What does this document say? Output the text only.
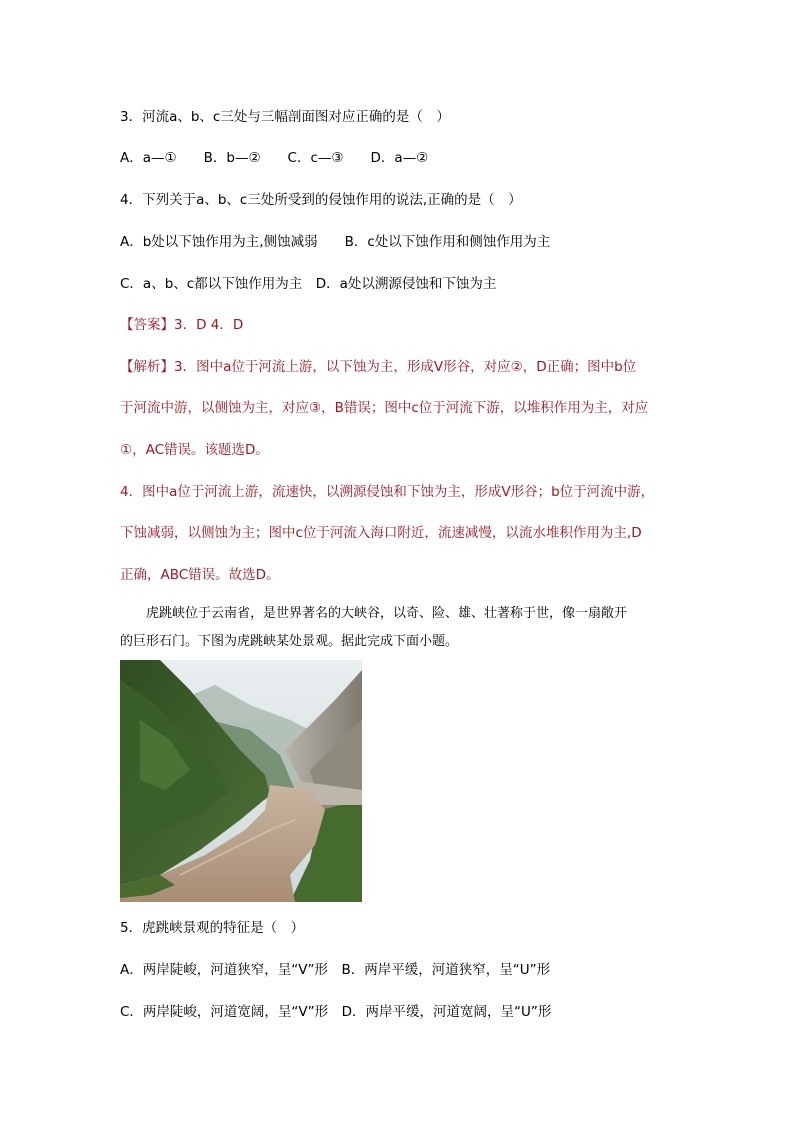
3．河流a、b、c三处与三幅剖面图对应正确的是（　）
A．a—①　　B．b—②　　C．c—③　　D．a—②
4．下列关于a、b、c三处所受到的侵蚀作用的说法,正确的是（　）
A．b处以下蚀作用为主,侧蚀减弱　　B．c处以下蚀作用和侧蚀作用为主
C．a、b、c都以下蚀作用为主　D．a处以溯源侵蚀和下蚀为主
【答案】3．D 4．D
【解析】3．图中a位于河流上游，以下蚀为主，形成V形谷，对应②，D正确；图中b位
于河流中游，以侧蚀为主，对应③，B错误；图中c位于河流下游，以堆积作用为主，对应
①，AC错误。该题选D。
4．图中a位于河流上游，流速快，以溯源侵蚀和下蚀为主，形成V形谷；b位于河流中游，
下蚀减弱，以侧蚀为主；图中c位于河流入海口附近，流速减慢，以流水堆积作用为主,D
正确，ABC错误。故选D。
　　虎跳峡位于云南省，是世界著名的大峡谷，以奇、险、雄、壮著称于世，像一扇敞开
的巨形石门。下图为虎跳峡某处景观。据此完成下面小题。
5．虎跳峡景观的特征是（　）
A．两岸陡峻，河道狭窄，呈“V”形　B．两岸平缓，河道狭窄，呈“U”形
C．两岸陡峻，河道宽阔，呈“V”形　D．两岸平缓，河道宽阔，呈“U”形
